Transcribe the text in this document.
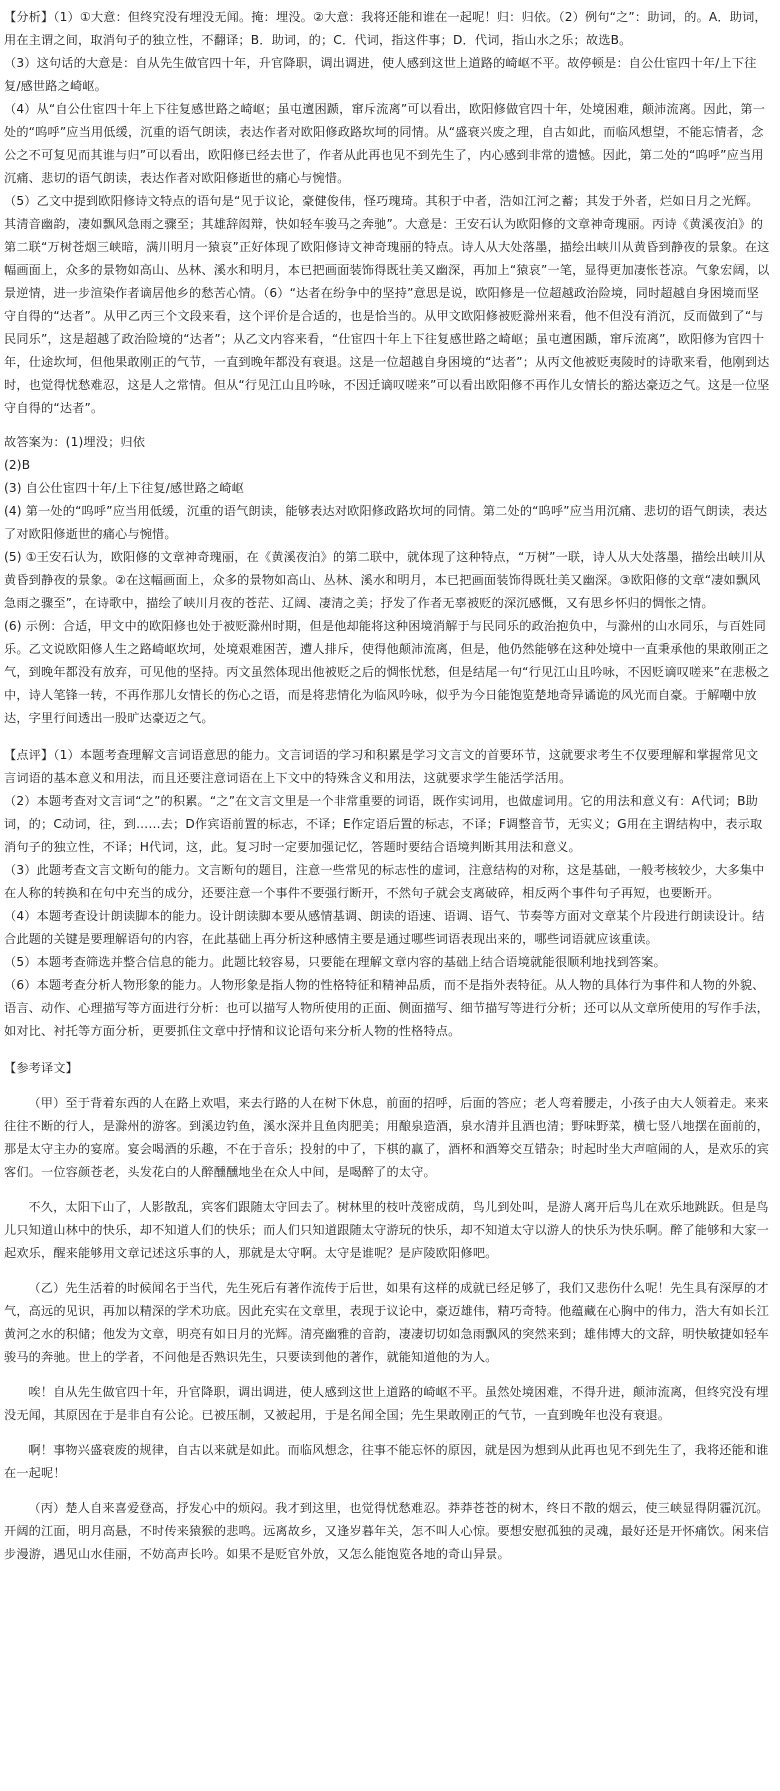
【分析】（1）①大意：但终究没有埋没无闻。掩：埋没。②大意：我将还能和谁在一起呢！归：归依。（2）例句“之”：助词，的。A．助词，用在主谓之间，取消句子的独立性，不翻译；B．助词，的；C．代词，指这件事；D．代词，指山水之乐；故选B。

（3）这句话的大意是：自从先生做官四十年，升官降职，调出调进，使人感到这世上道路的崎岖不平。故停顿是：自公仕宦四十年/上下往复/感世路之崎岖。

（4）从“自公仕宦四十年上下往复感世路之崎岖；虽屯邅困踬，窜斥流离”可以看出，欧阳修做官四十年，处境困难，颠沛流离。因此，第一处的“呜呼”应当用低缓，沉重的语气朗读，表达作者对欧阳修政路坎坷的同情。从“盛衰兴废之理，自古如此，而临风想望，不能忘情者，念公之不可复见而其谁与归”可以看出，欧阳修已经去世了，作者从此再也见不到先生了，内心感到非常的遗憾。因此，第二处的“呜呼”应当用沉痛、悲切的语气朗读，表达作者对欧阳修逝世的痛心与惋惜。

（5）乙文中提到欧阳修诗文特点的语句是“见于议论，豪健俊伟，怪巧瑰琦。其积于中者，浩如江河之蓄；其发于外者，烂如日月之光辉。其清音幽韵，凄如飘风急雨之骤至；其雄辞闳辩，快如轻车骏马之奔驰”。大意是：王安石认为欧阳修的文章神奇瑰丽。丙诗《黄溪夜泊》的第二联“万树苍烟三峡暗，满川明月一猿哀”正好体现了欧阳修诗文神奇瑰丽的特点。诗人从大处落墨，描绘出峡川从黄昏到静夜的景象。在这幅画面上，众多的景物如高山、丛林、溪水和明月，本已把画面装饰得既壮美又幽深，再加上“猿哀”一笔，显得更加凄怅苍凉。气象宏阔，以景逆情，进一步渲染作者谪居他乡的愁苦心情。（6）“达者在纷争中的坚持”意思是说，欧阳修是一位超越政治险境，同时超越自身困境而坚守自得的“达者”。从甲乙丙三个文段来看，这个评价是合适的，也是恰当的。从甲文欧阳修被贬滁州来看，他不但没有消沉，反而做到了“与民同乐”，这是超越了政治险境的“达者”；从乙文内容来看，“仕宦四十年上下往复感世路之崎岖；虽屯邅困踬，窜斥流离”，欧阳修为官四十年，仕途坎坷，但他果敢刚正的气节，一直到晚年都没有衰退。这是一位超越自身困境的“达者”；从丙文他被贬夷陵时的诗歌来看，他刚到达时，也觉得忧愁难忍，这是人之常情。但从“行见江山且吟咏，不因迁谪叹嗟来”可以看出欧阳修不再作儿女情长的豁达豪迈之气。这是一位坚守自得的“达者”。

故答案为：(1)埋没；归依

(2)B

(3) 自公仕宦四十年/上下往复/感世路之崎岖

(4) 第一处的“呜呼”应当用低缓，沉重的语气朗读，能够表达对欧阳修政路坎坷的同情。第二处的“呜呼”应当用沉痛、悲切的语气朗读，表达了对欧阳修逝世的痛心与惋惜。

(5) ①王安石认为，欧阳修的文章神奇瑰丽，在《黄溪夜泊》的第二联中，就体现了这种特点，“万树”一联，诗人从大处落墨，描绘出峡川从黄昏到静夜的景象。②在这幅画面上，众多的景物如高山、丛林、溪水和明月，本已把画面装饰得既壮美又幽深。③欧阳修的文章“凄如飘风急雨之骤至”，在诗歌中，描绘了峡川月夜的苍茫、辽阔、凄清之美；抒发了作者无辜被贬的深沉感慨，又有思乡怀归的惆怅之情。

(6) 示例：合适，甲文中的欧阳修也处于被贬滁州时期，但是他却能将这种困境消解于与民同乐的政治抱负中，与滁州的山水同乐，与百姓同乐。乙文说欧阳修人生之路崎岖坎坷，处境艰难困苦，遭人排斥，使得他颠沛流离，但是，他仍然能够在这种处境中一直秉承他的果敢刚正之气，到晚年都没有放弃，可见他的坚持。丙文虽然体现出他被贬之后的惆怅忧愁，但是结尾一句“行见江山且吟咏，不因贬谪叹嗟来”在悲极之中，诗人笔锋一转，不再作那儿女情长的伤心之语，而是将悲情化为临风吟咏，似乎为今日能饱览楚地奇异谲诡的风光而自豪。于解嘲中放达，字里行间透出一股旷达豪迈之气。

【点评】（1）本题考查理解文言词语意思的能力。文言词语的学习和积累是学习文言文的首要环节，这就要求考生不仅要理解和掌握常见文言词语的基本意义和用法，而且还要注意词语在上下文中的特殊含义和用法，这就要求学生能活学活用。

（2）本题考查对文言词“之”的积累。“之”在文言文里是一个非常重要的词语，既作实词用，也做虚词用。它的用法和意义有：A代词；B助词，的；C动词，往，到……去；D作宾语前置的标志，不译；E作定语后置的标志，不译；F调整音节，无实义；G用在主谓结构中，表示取消句子的独立性，不译；H代词，这，此。复习时一定要加强记忆，答题时要结合语境判断其用法和意义。

（3）此题考查文言文断句的能力。文言断句的题目，注意一些常见的标志性的虚词，注意结构的对称，这是基础，一般考核较少，大多集中在人称的转换和在句中充当的成分，还要注意一个事件不要强行断开，不然句子就会支离破碎，相反两个事件句子再短，也要断开。

（4）本题考查设计朗读脚本的能力。设计朗读脚本要从感情基调、朗读的语速、语调、语气、节奏等方面对文章某个片段进行朗读设计。结合此题的关键是要理解语句的内容，在此基础上再分析这种感情主要是通过哪些词语表现出来的，哪些词语就应该重读。

（5）本题考查筛选并整合信息的能力。此题比较容易，只要能在理解文章内容的基础上结合语境就能很顺利地找到答案。

（6）本题考查分析人物形象的能力。人物形象是指人物的性格特征和精神品质，而不是指外表特征。从人物的具体行为事件和人物的外貌、语言、动作、心理描写等方面进行分析：也可以描写人物所使用的正面、侧面描写、细节描写等进行分析；还可以从文章所使用的写作手法，如对比、衬托等方面分析，更要抓住文章中抒情和议论语句来分析人物的性格特点。

【参考译文】

（甲）至于背着东西的人在路上欢唱，来去行路的人在树下休息，前面的招呼，后面的答应；老人弯着腰走，小孩子由大人领着走。来来往往不断的行人，是滁州的游客。到溪边钓鱼，溪水深并且鱼肉肥美；用酿泉造酒，泉水清并且酒也清；野味野菜，横七竖八地摆在面前的，那是太守主办的宴席。宴会喝酒的乐趣，不在于音乐；投射的中了，下棋的赢了，酒杯和酒筹交互错杂；时起时坐大声喧闹的人，是欢乐的宾客们。一位容颜苍老，头发花白的人醉醺醺地坐在众人中间，是喝醉了的太守。

不久，太阳下山了，人影散乱，宾客们跟随太守回去了。树林里的枝叶茂密成荫，鸟儿到处叫，是游人离开后鸟儿在欢乐地跳跃。但是鸟儿只知道山林中的快乐，却不知道人们的快乐；而人们只知道跟随太守游玩的快乐，却不知道太守以游人的快乐为快乐啊。醉了能够和大家一起欢乐，醒来能够用文章记述这乐事的人，那就是太守啊。太守是谁呢？是庐陵欧阳修吧。

（乙）先生活着的时候闻名于当代，先生死后有著作流传于后世，如果有这样的成就已经足够了，我们又悲伤什么呢！先生具有深厚的才气，高远的见识，再加以精深的学术功底。因此充实在文章里，表现于议论中，豪迈雄伟，精巧奇特。他蕴藏在心胸中的伟力，浩大有如长江黄河之水的积储；他发为文章，明亮有如日月的光辉。清亮幽雅的音韵，凄凄切切如急雨飘风的突然来到；雄伟博大的文辞，明快敏捷如轻车骏马的奔驰。世上的学者，不问他是否熟识先生，只要读到他的著作，就能知道他的为人。

唉！自从先生做官四十年，升官降职，调出调进，使人感到这世上道路的崎岖不平。虽然处境困难，不得升进，颠沛流离，但终究没有埋没无闻，其原因在于是非自有公论。已被压制，又被起用，于是名闻全国；先生果敢刚正的气节，一直到晚年也没有衰退。

啊！事物兴盛衰废的规律，自古以来就是如此。而临风想念，往事不能忘怀的原因，就是因为想到从此再也见不到先生了，我将还能和谁在一起呢！

（丙）楚人自来喜爱登高，抒发心中的烦闷。我才到这里，也觉得忧愁难忍。莽莽苍苍的树木，终日不散的烟云，使三峡显得阴霾沉沉。开阔的江面，明月高悬，不时传来猿猴的悲鸣。远离故乡，又逢岁暮年关，怎不叫人心惊。要想安慰孤独的灵魂，最好还是开怀痛饮。闲来信步漫游，遇见山水佳丽，不妨高声长吟。如果不是贬官外放，又怎么能饱览各地的奇山异景。
